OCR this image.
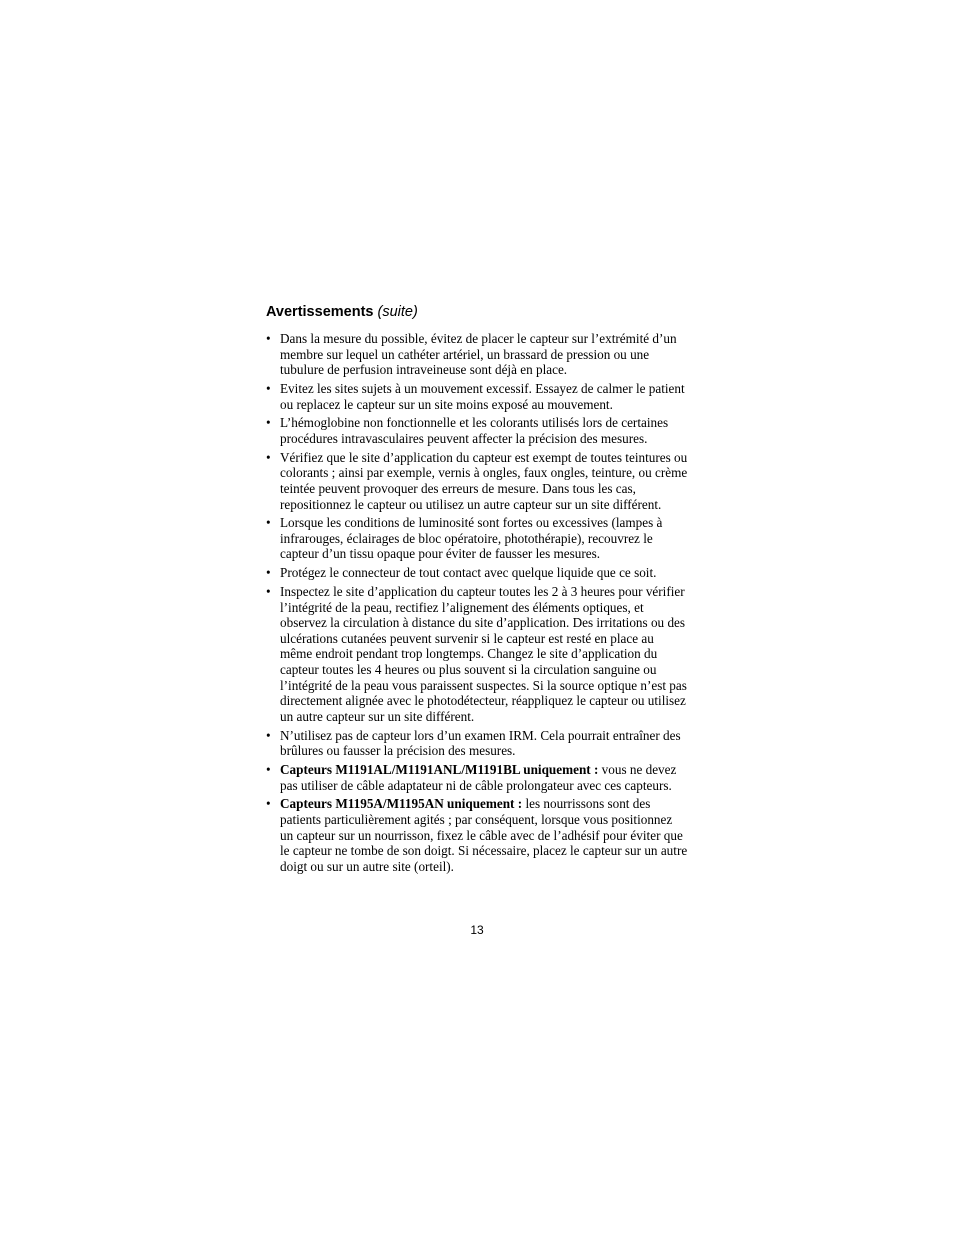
Avertissements (suite)
• Dans la mesure du possible, évitez de placer le capteur sur l’extrémité d’un membre sur lequel un cathéter artériel, un brassard de pression ou une tubulure de perfusion intraveineuse sont déjà en place.
• Evitez les sites sujets à un mouvement excessif. Essayez de calmer le patient ou replacez le capteur sur un site moins exposé au mouvement.
• L’hémoglobine non fonctionnelle et les colorants utilisés lors de certaines procédures intravasculaires peuvent affecter la précision des mesures.
• Vérifiez que le site d’application du capteur est exempt de toutes teintures ou colorants ; ainsi par exemple, vernis à ongles, faux ongles, teinture, ou crème teintée peuvent provoquer des erreurs de mesure. Dans tous les cas, repositionnez le capteur ou utilisez un autre capteur sur un site différent.
• Lorsque les conditions de luminosité sont fortes ou excessives (lampes à infrarouges, éclairages de bloc opératoire, photothérapie), recouvrez le capteur d’un tissu opaque pour éviter de fausser les mesures.
• Protégez le connecteur de tout contact avec quelque liquide que ce soit.
• Inspectez le site d’application du capteur toutes les 2 à 3 heures pour vérifier l’intégrité de la peau, rectifiez l’alignement des éléments optiques, et observez la circulation à distance du site d’application. Des irritations ou des ulcérations cutanées peuvent survenir si le capteur est resté en place au même endroit pendant trop longtemps. Changez le site d’application du capteur toutes les 4 heures ou plus souvent si la circulation sanguine ou l’intégrité de la peau vous paraissent suspectes. Si la source optique n’est pas directement alignée avec le photodétecteur, réappliquez le capteur ou utilisez un autre capteur sur un site différent.
• N’utilisez pas de capteur lors d’un examen IRM. Cela pourrait entraîner des brûlures ou fausser la précision des mesures.
• Capteurs M1191AL/M1191ANL/M1191BL uniquement : vous ne devez pas utiliser de câble adaptateur ni de câble prolongateur avec ces capteurs.
• Capteurs M1195A/M1195AN uniquement : les nourrissons sont des patients particulièrement agités ; par conséquent, lorsque vous positionnez un capteur sur un nourrisson, fixez le câble avec de l’adhésif pour éviter que le capteur ne tombe de son doigt. Si nécessaire, placez le capteur sur un autre doigt ou sur un autre site (orteil).
13
